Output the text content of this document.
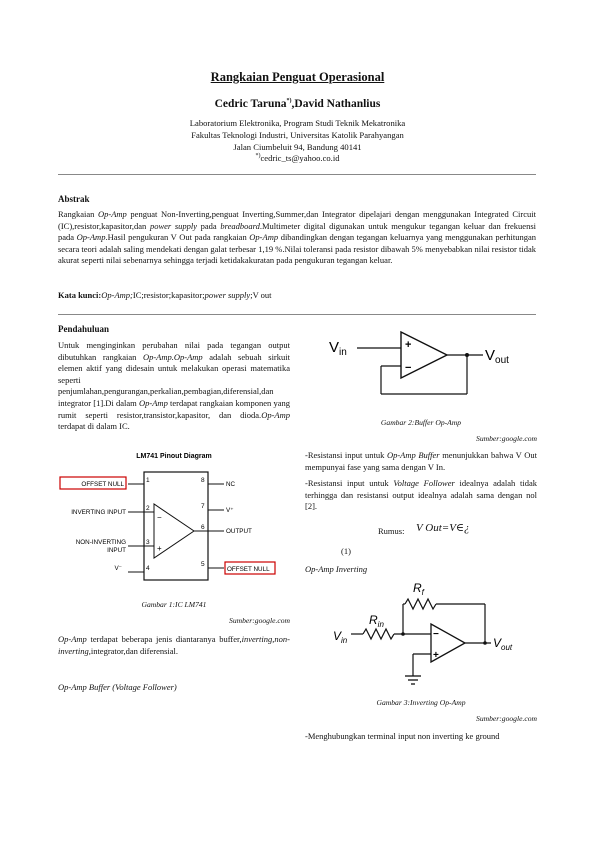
Rangkaian Penguat Operasional
Cedric Taruna*),David Nathanlius
Laboratorium Elektronika, Program Studi Teknik Mekatronika
Fakultas Teknologi Industri, Universitas Katolik Parahyangan
Jalan Ciumbeluit 94, Bandung 40141
*)cedric_ts@yahoo.co.id
Abstrak
Rangkaian Op-Amp penguat Non-Inverting,penguat Inverting,Summer,dan Integrator dipelajari dengan menggunakan Integrated Circuit (IC),resistor,kapasitor,dan power supply pada breadboard.Multimeter digital digunakan untuk mengukur tegangan keluar dan frekuensi pada Op-Amp.Hasil pengukuran V Out pada rangkaian Op-Amp dibandingkan dengan tegangan keluarnya yang menggunakan perhitungan secara teori adalah saling mendekati dengan galat terbesar 1,19 %.Nilai toleransi pada resistor dibawah 5% menyebabkan nilai resistor tidak akurat seperti nilai sebenarnya sehingga terjadi ketidakakuratan pada pengukuran tegangan keluar.
Kata kunci:Op-Amp;IC;resistor;kapasitor;power supply;V out
Pendahuluan
Untuk menginginkan perubahan nilai pada tegangan output dibutuhkan rangkaian Op-Amp.Op-Amp adalah sebuah sirkuit elemen aktif yang didesain untuk melakukan operasi matematika seperti penjumlahan,pengurangan,perkalian,pembagian,diferensial,dan integrator [1].Di dalam Op-Amp terdapat rangkaian komponen yang rumit seperti resistor,transistor,kapasitor, dan dioda.Op-Amp terdapat di dalam IC.
LM741 Pinout Diagram
−
+
1
2
3
4
5
6
7
8
OFFSET NULL
INVERTING INPUT
NON-INVERTING
INPUT
V⁻
NC
V⁺
OUTPUT
OFFSET NULL
Gambar 1:IC LM741
Sumber:google.com
Op-Amp terdapat beberapa jenis diantaranya buffer,inverting,non-inverting,integrator,dan diferensial.
Op-Amp Buffer (Voltage Follower)
$V_{in}$
+
−
$V_{out}$
Gambar 2:Buffer Op-Amp
Sumber:google.com
-Resistansi input untuk Op-Amp Buffer menunjukkan bahwa V Out mempunyai fase yang sama dengan V In.
-Resistansi input untuk Voltage Follower idealnya adalah tidak terhingga dan resistansi output idealnya adalah sama dengan nol [2].
Rumus: V Out=V∈¿
(1)
Op-Amp Inverting
$R_f$
$R_{in}$
$V_{in}$
−
+
$V_{out}$
Gambar 3:Inverting Op-Amp
Sumber:google.com
-Menghubungkan terminal input non inverting ke ground
